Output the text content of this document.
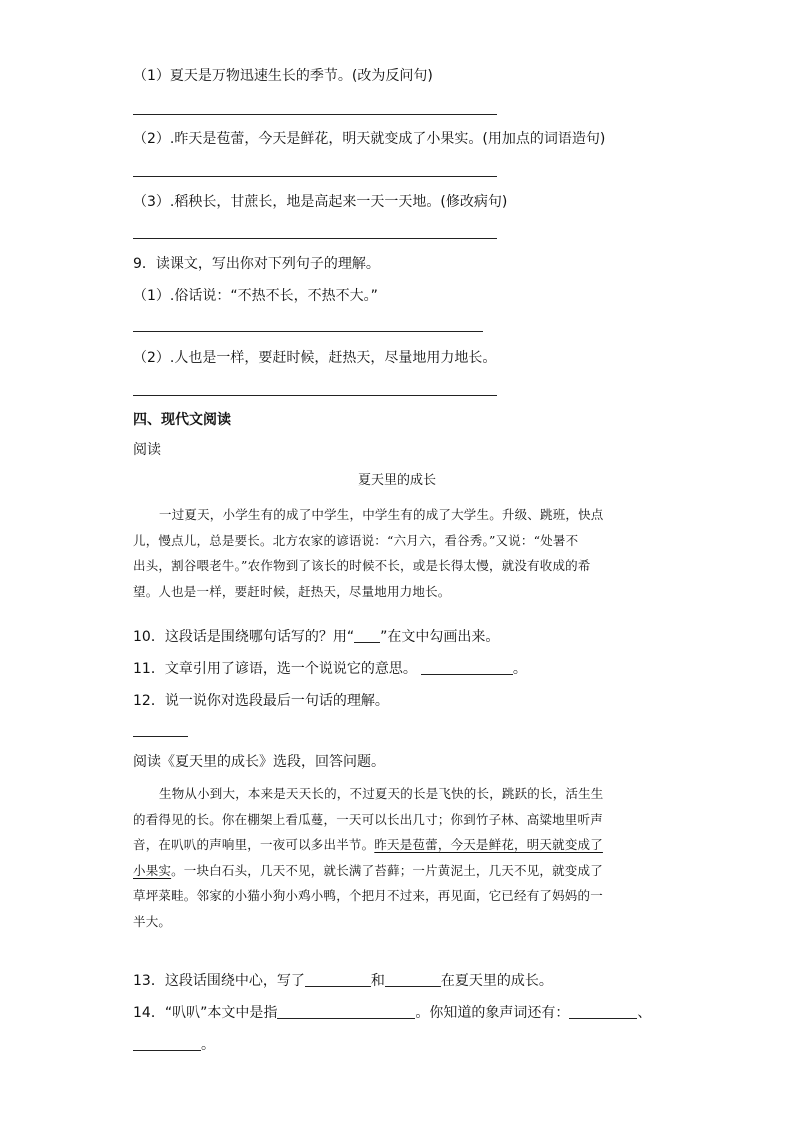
（1）夏天是万物迅速生长的季节。(改为反问句)
（2）.昨天是苞蕾，今天是鲜花，明天就变成了小果实。(用加点的词语造句)
（3）.稻秧长，甘蔗长，地是高起来一天一天地。(修改病句)
9．读课文，写出你对下列句子的理解。
（1）.俗话说：“不热不长，不热不大。”
（2）.人也是一样，要赶时候，赶热天，尽量地用力地长。
四、现代文阅读
阅读
夏天里的成长
一过夏天，小学生有的成了中学生，中学生有的成了大学生。升级、跳班，快点
儿，慢点儿，总是要长。北方农家的谚语说：“六月六，看谷秀。”又说：“处暑不
出头，割谷喂老牛。”农作物到了该长的时候不长，或是长得太慢，就没有收成的希
望。人也是一样，要赶时候，赶热天，尽量地用力地长。
10．这段话是围绕哪句话写的？用“ ”在文中勾画出来。
11．文章引用了谚语，选一个说说它的意思。	。
12．说一说你对选段最后一句话的理解。
阅读《夏天里的成长》选段，回答问题。
生物从小到大，本来是天天长的，不过夏天的长是飞快的长，跳跃的长，活生生
的看得见的长。你在棚架上看瓜蔓，一天可以长出几寸；你到竹子林、高粱地里听声
音，在叭叭的声响里，一夜可以多出半节。昨天是苞蕾，今天是鲜花，明天就变成了
小果实。一块白石头，几天不见，就长满了苔藓；一片黄泥土，几天不见，就变成了
草坪菜畦。邻家的小猫小狗小鸡小鸭，个把月不过来，再见面，它已经有了妈妈的一
半大。
13．这段话围绕中心，写了	和	在夏天里的成长。
14．“叭叭”本文中是指	。你知道的象声词还有：	、
。
